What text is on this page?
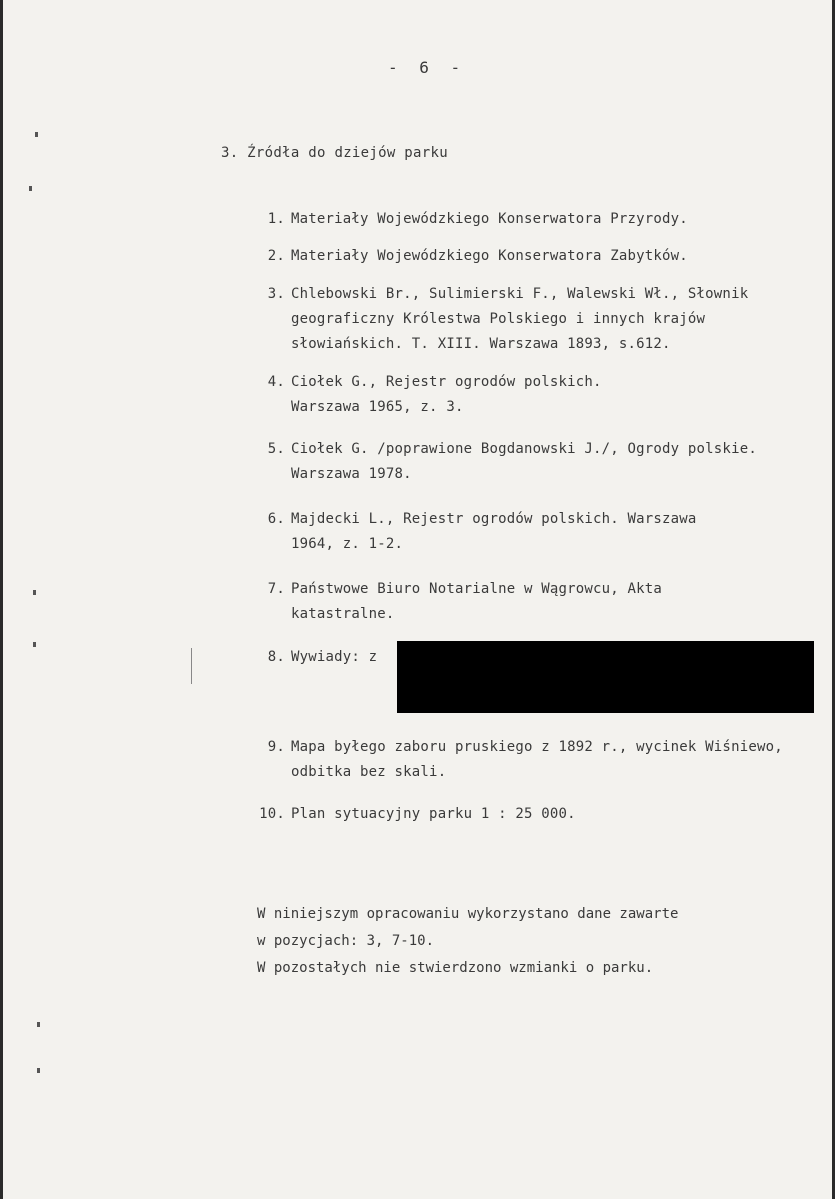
- 6 -
3. Źródła do dziejów parku
1. Materiały Wojewódzkiego Konserwatora Przyrody.
2. Materiały Wojewódzkiego Konserwatora Zabytków.
3. Chlebowski Br., Sulimierski F., Walewski Wł., Słownik geograficzny Królestwa Polskiego i innych krajów słowiańskich. T. XIII. Warszawa 1893, s.612.
4. Ciołek G., Rejestr ogrodów polskich. Warszawa 1965, z. 3.
5. Ciołek G. /poprawione Bogdanowski J./, Ogrody polskie. Warszawa 1978.
6. Majdecki L., Rejestr ogrodów polskich. Warszawa 1964, z. 1-2.
7. Państwowe Biuro Notarialne w Wągrowcu, Akta katastralne.
8. Wywiady: z
9. Mapa byłego zaboru pruskiego z 1892 r., wycinek Wiśniewo, odbitka bez skali.
10. Plan sytuacyjny parku 1 : 25 000.
W niniejszym opracowaniu wykorzystano dane zawarte
w pozycjach: 3, 7-10.
W pozostałych nie stwierdzono wzmianki o parku.
